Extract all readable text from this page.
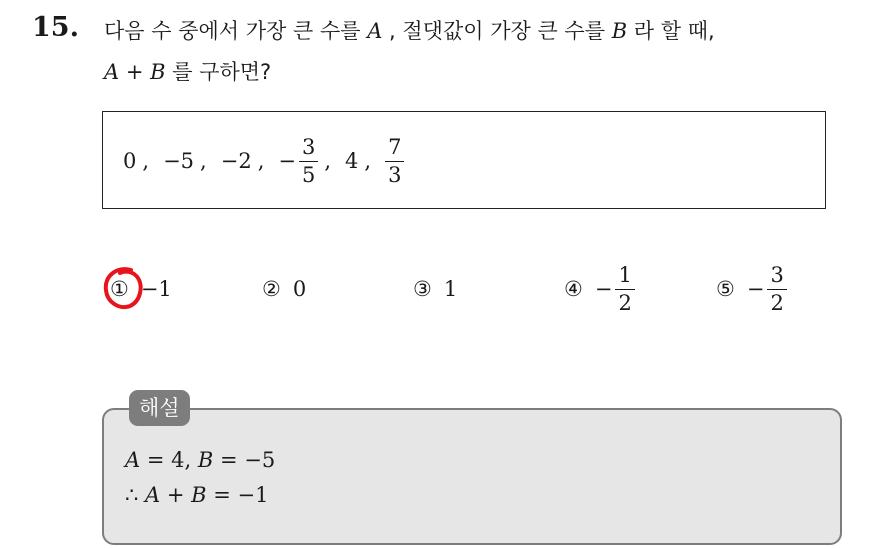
15. 다음 수 중에서 가장 큰 수를 A , 절댓값이 가장 큰 수를 B 라 할 때,
A + B 를 구하면?
0 , −5 , −2 , − $\frac{3}{5}$ , 4 , $\frac{7}{3}$
① −1	② 0	③ 1	④ − $\frac{1}{2}$	⑤ − $\frac{3}{2}$
해설
A = 4, B = −5
∴ A + B = −1
